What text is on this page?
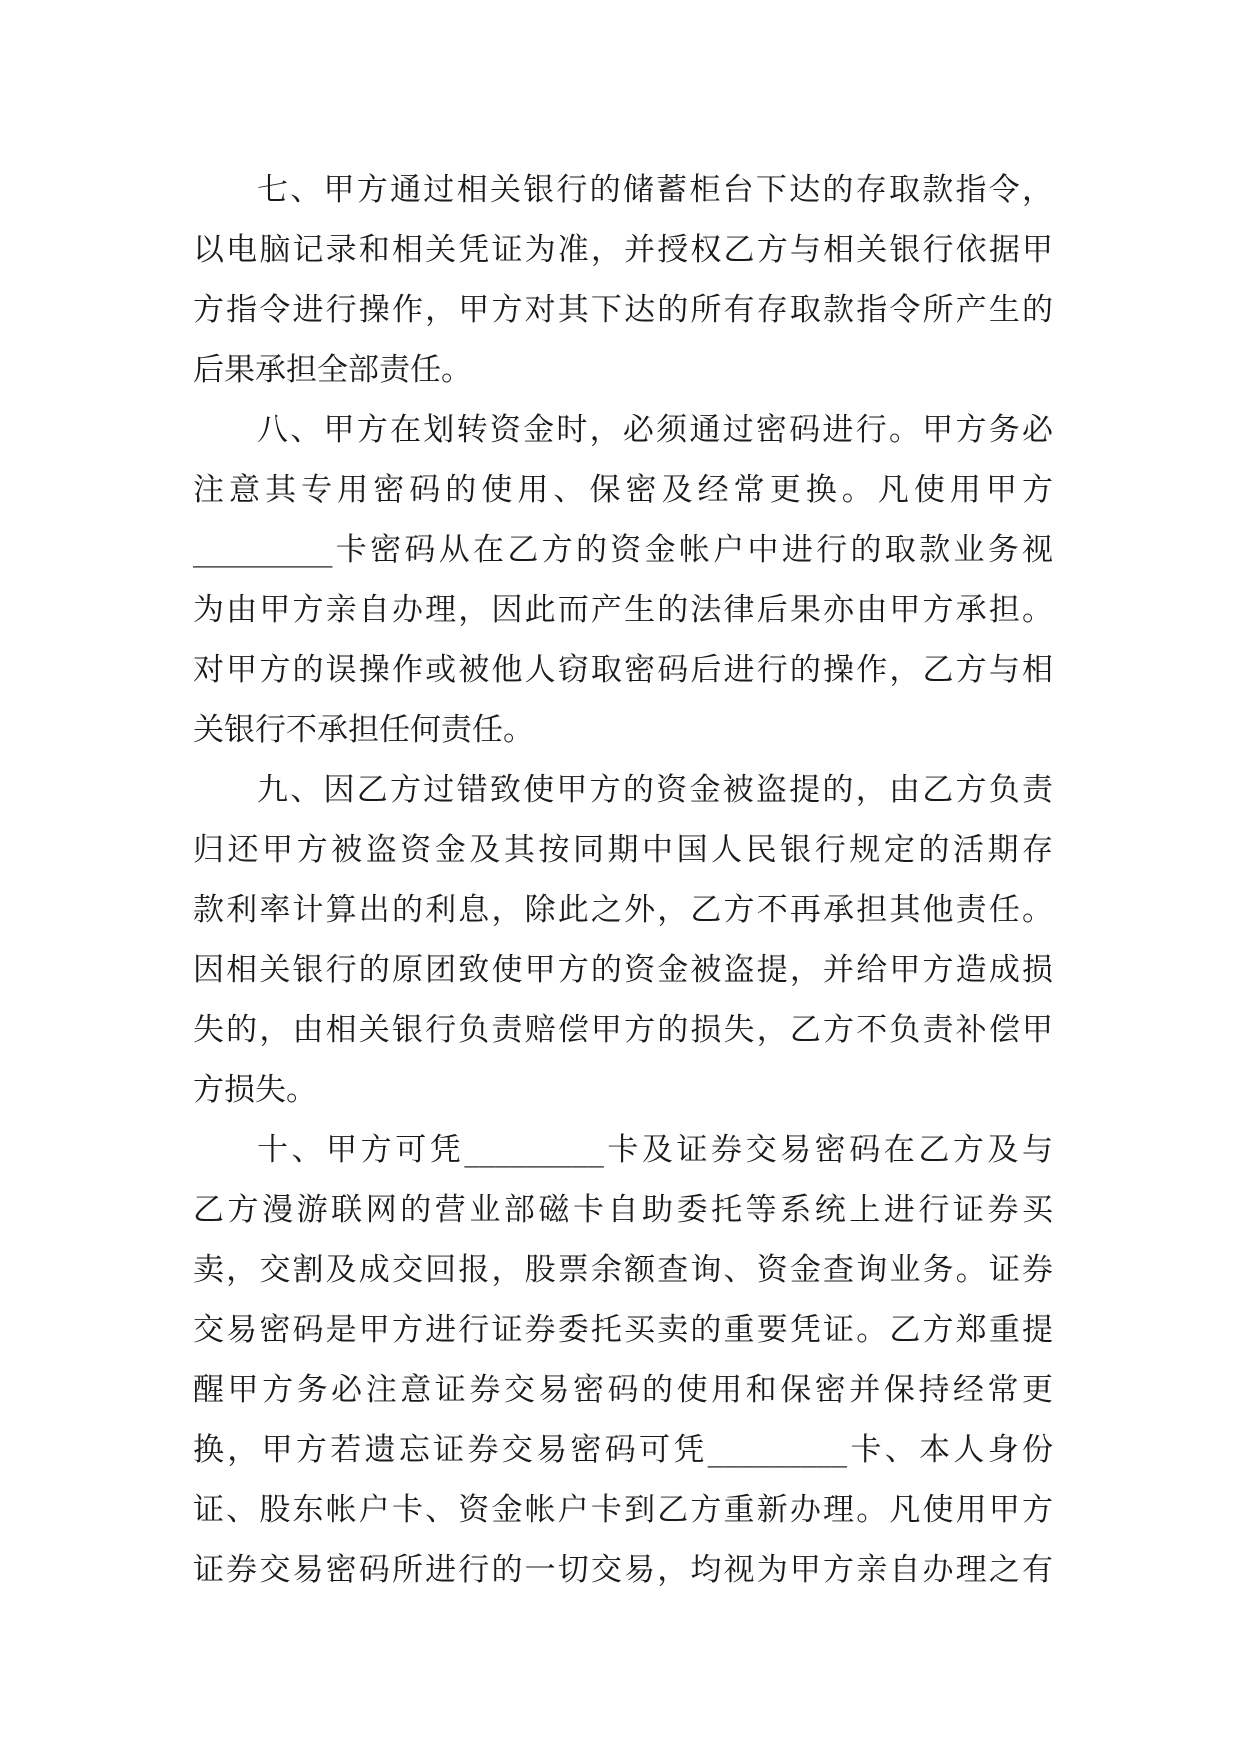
七、甲方通过相关银行的储蓄柜台下达的存取款指令，
以电脑记录和相关凭证为准，并授权乙方与相关银行依据甲
方指令进行操作，甲方对其下达的所有存取款指令所产生的
后果承担全部责任。
八、甲方在划转资金时，必须通过密码进行。甲方务必
注意其专用密码的使用、保密及经常更换。凡使用甲方
_________卡密码从在乙方的资金帐户中进行的取款业务视
为由甲方亲自办理，因此而产生的法律后果亦由甲方承担。
对甲方的误操作或被他人窃取密码后进行的操作，乙方与相
关银行不承担任何责任。
九、因乙方过错致使甲方的资金被盗提的，由乙方负责
归还甲方被盗资金及其按同期中国人民银行规定的活期存
款利率计算出的利息，除此之外，乙方不再承担其他责任。
因相关银行的原团致使甲方的资金被盗提，并给甲方造成损
失的，由相关银行负责赔偿甲方的损失，乙方不负责补偿甲
方损失。
十、甲方可凭_________卡及证券交易密码在乙方及与
乙方漫游联网的营业部磁卡自助委托等系统上进行证券买
卖，交割及成交回报，股票余额查询、资金查询业务。证券
交易密码是甲方进行证券委托买卖的重要凭证。乙方郑重提
醒甲方务必注意证券交易密码的使用和保密并保持经常更
换，甲方若遗忘证券交易密码可凭_________卡、本人身份
证、股东帐户卡、资金帐户卡到乙方重新办理。凡使用甲方
证券交易密码所进行的一切交易，均视为甲方亲自办理之有
